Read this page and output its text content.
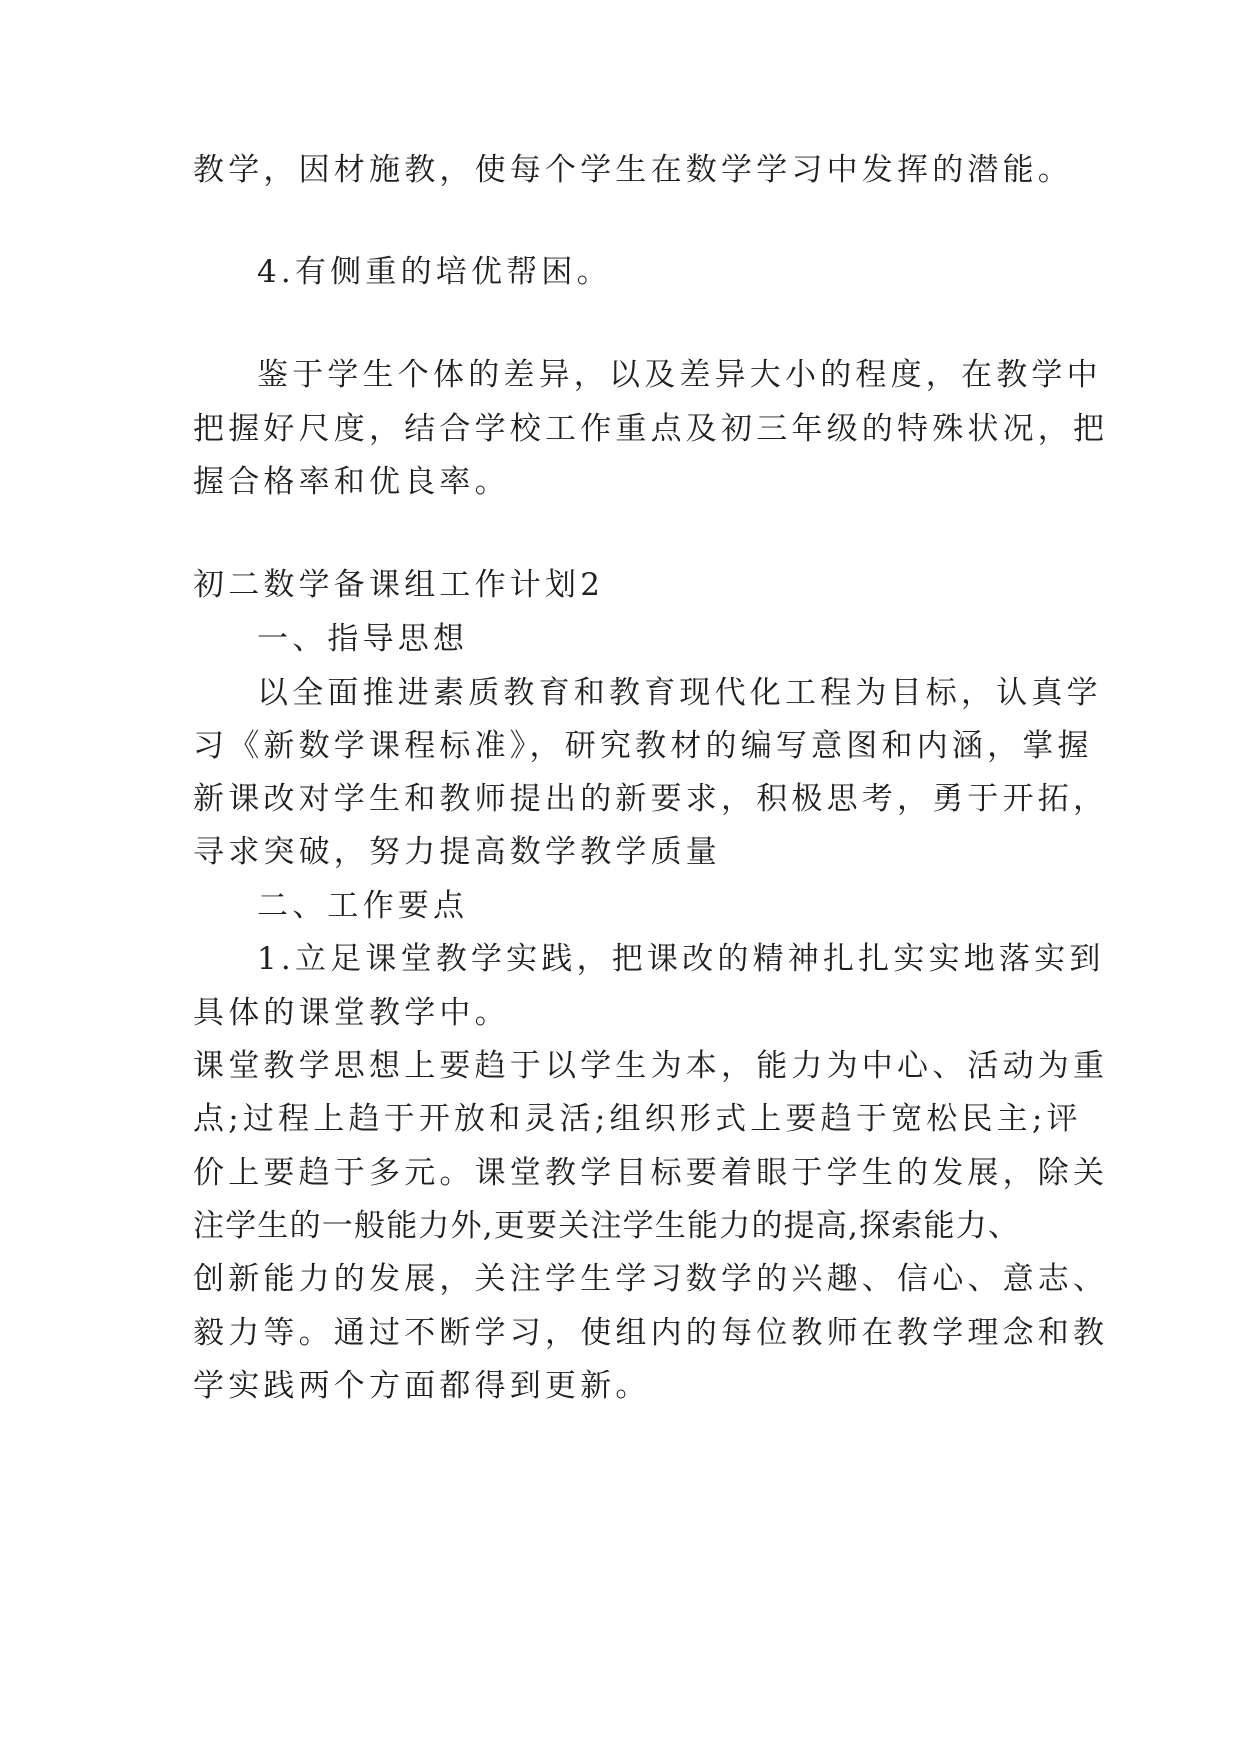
教学，因材施教，使每个学生在数学学习中发挥的潜能。
4.有侧重的培优帮困。
鉴于学生个体的差异，以及差异大小的程度，在教学中
把握好尺度，结合学校工作重点及初三年级的特殊状况，把
握合格率和优良率。
初二数学备课组工作计划2
一、指导思想
以全面推进素质教育和教育现代化工程为目标，认真学
习《新数学课程标准》，研究教材的编写意图和内涵，掌握
新课改对学生和教师提出的新要求，积极思考，勇于开拓，
寻求突破，努力提高数学教学质量
二、工作要点
1.立足课堂教学实践，把课改的精神扎扎实实地落实到
具体的课堂教学中。
课堂教学思想上要趋于以学生为本，能力为中心、活动为重
点;过程上趋于开放和灵活;组织形式上要趋于宽松民主;评
价上要趋于多元。课堂教学目标要着眼于学生的发展，除关
注学生的一般能力外,更要关注学生能力的提高,探索能力、
创新能力的发展，关注学生学习数学的兴趣、信心、意志、
毅力等。通过不断学习，使组内的每位教师在教学理念和教
学实践两个方面都得到更新。
